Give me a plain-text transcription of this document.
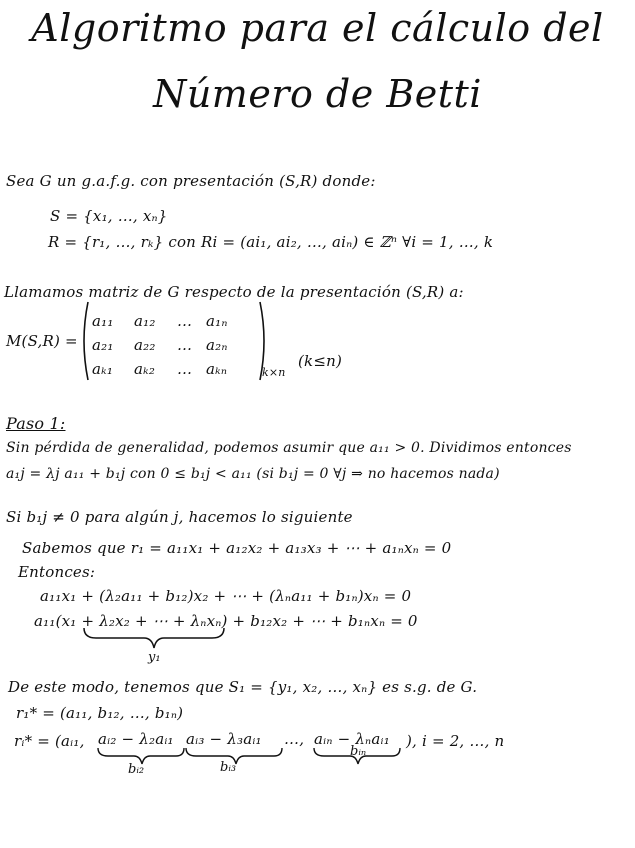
Algoritmo para el cálculo del
Número de Betti
Sea G un g.a.f.g. con presentación (S,R) donde:
S = {x₁, …, xₙ}
R = {r₁, …, rₖ} con Ri = (ai₁, ai₂, …, aiₙ) ∈ ℤⁿ ∀i = 1, …, k
Llamamos matriz de G respecto de la presentación (S,R) a:
M(S,R) =
a₁₁ a₁₂ … a₁ₙ
a₂₁ a₂₂ … a₂ₙ
aₖ₁ aₖ₂ … aₖₙ	k×n
(k≤n)
Paso 1:
Sin pérdida de generalidad, podemos asumir que a₁₁ > 0. Dividimos entonces
a₁j = λj a₁₁ + b₁j con 0 ≤ b₁j < a₁₁ (si b₁j = 0 ∀j ⇒ no hacemos nada)
Si b₁j ≠ 0 para algún j, hacemos lo siguiente
Sabemos que r₁ = a₁₁x₁ + a₁₂x₂ + a₁₃x₃ + ⋯ + a₁ₙxₙ = 0
Entonces:
a₁₁x₁ + (λ₂a₁₁ + b₁₂)x₂ + ⋯ + (λₙa₁₁ + b₁ₙ)xₙ = 0
a₁₁(x₁ + λ₂x₂ + ⋯ + λₙxₙ) + b₁₂x₂ + ⋯ + b₁ₙxₙ = 0
y₁
De este modo, tenemos que S₁ = {y₁, x₂, …, xₙ} es s.g. de G.
r₁* = (a₁₁, b₁₂, …, b₁ₙ)
rᵢ* = (aᵢ₁, aᵢ₂ − λ₂aᵢ₁ aᵢ₃ − λ₃aᵢ₁ …, aᵢₙ − λₙaᵢ₁ ), i = 2, …, n
bᵢ₂	bᵢ₃
bᵢₙ
